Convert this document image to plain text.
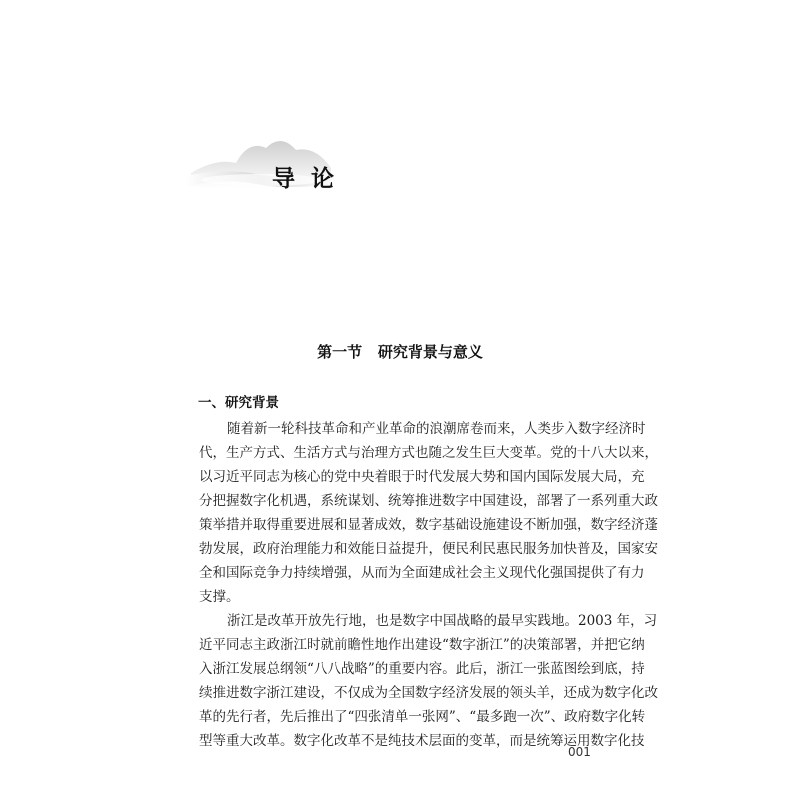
导论
第一节   研究背景与意义
一、研究背景
随着新一轮科技革命和产业革命的浪潮席卷而来，人类步入数字经济时
代，生产方式、生活方式与治理方式也随之发生巨大变革。党的十八大以来，
以习近平同志为核心的党中央着眼于时代发展大势和国内国际发展大局，充
分把握数字化机遇，系统谋划、统筹推进数字中国建设，部署了一系列重大政
策举措并取得重要进展和显著成效，数字基础设施建设不断加强，数字经济蓬
勃发展，政府治理能力和效能日益提升，便民利民惠民服务加快普及，国家安
全和国际竞争力持续增强，从而为全面建成社会主义现代化强国提供了有力
支撑。
浙江是改革开放先行地，也是数字中国战略的最早实践地。2003 年，习
近平同志主政浙江时就前瞻性地作出建设“数字浙江”的决策部署，并把它纳
入浙江发展总纲领“八八战略”的重要内容。此后，浙江一张蓝图绘到底，持
续推进数字浙江建设，不仅成为全国数字经济发展的领头羊，还成为数字化改
革的先行者，先后推出了“四张清单一张网”、“最多跑一次”、政府数字化转
型等重大改革。数字化改革不是纯技术层面的变革，而是统筹运用数字化技
001
